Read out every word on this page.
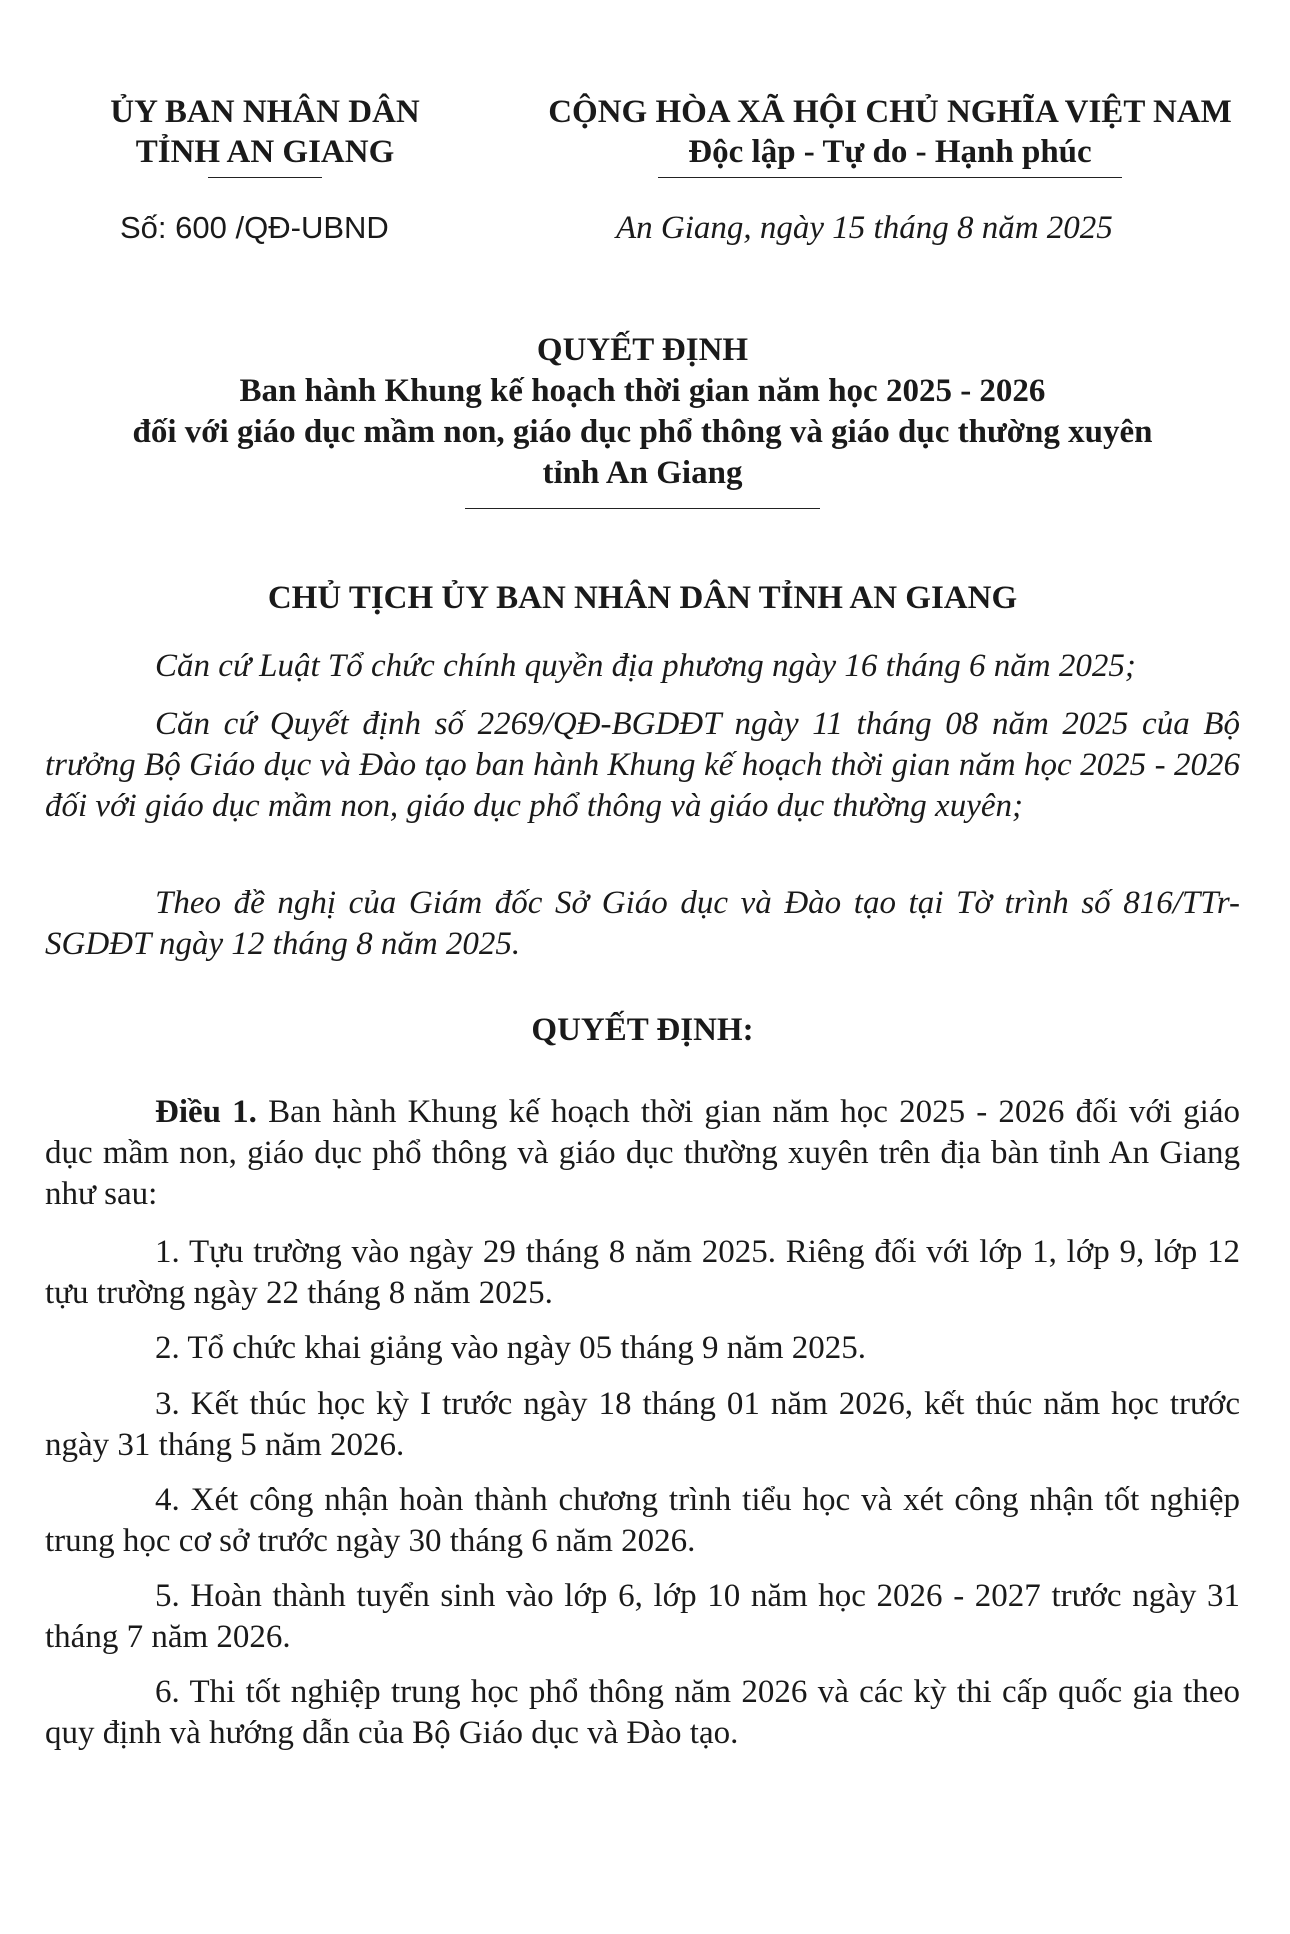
ỦY BAN NHÂN DÂN
TỈNH AN GIANG
CỘNG HÒA XÃ HỘI CHỦ NGHĨA VIỆT NAM
Độc lập - Tự do - Hạnh phúc
Số: 600 /QĐ-UBND	An Giang, ngày 15 tháng 8 năm 2025
QUYẾT ĐỊNH
Ban hành Khung kế hoạch thời gian năm học 2025 - 2026
đối với giáo dục mầm non, giáo dục phổ thông và giáo dục thường xuyên
tỉnh An Giang
CHỦ TỊCH ỦY BAN NHÂN DÂN TỈNH AN GIANG
Căn cứ Luật Tổ chức chính quyền địa phương ngày 16 tháng 6 năm 2025;
Căn cứ Quyết định số 2269/QĐ-BGDĐT ngày 11 tháng 08 năm 2025 của Bộ trưởng Bộ Giáo dục và Đào tạo ban hành Khung kế hoạch thời gian năm học 2025 - 2026 đối với giáo dục mầm non, giáo dục phổ thông và giáo dục thường xuyên;
Theo đề nghị của Giám đốc Sở Giáo dục và Đào tạo tại Tờ trình số 816/TTr-SGDĐT ngày 12 tháng 8 năm 2025.
QUYẾT ĐỊNH:
Điều 1. Ban hành Khung kế hoạch thời gian năm học 2025 - 2026 đối với giáo dục mầm non, giáo dục phổ thông và giáo dục thường xuyên trên địa bàn tỉnh An Giang như sau:
1. Tựu trường vào ngày 29 tháng 8 năm 2025. Riêng đối với lớp 1, lớp 9, lớp 12 tựu trường ngày 22 tháng 8 năm 2025.
2. Tổ chức khai giảng vào ngày 05 tháng 9 năm 2025.
3. Kết thúc học kỳ I trước ngày 18 tháng 01 năm 2026, kết thúc năm học trước ngày 31 tháng 5 năm 2026.
4. Xét công nhận hoàn thành chương trình tiểu học và xét công nhận tốt nghiệp trung học cơ sở trước ngày 30 tháng 6 năm 2026.
5. Hoàn thành tuyển sinh vào lớp 6, lớp 10 năm học 2026 - 2027 trước ngày 31 tháng 7 năm 2026.
6. Thi tốt nghiệp trung học phổ thông năm 2026 và các kỳ thi cấp quốc gia theo quy định và hướng dẫn của Bộ Giáo dục và Đào tạo.
